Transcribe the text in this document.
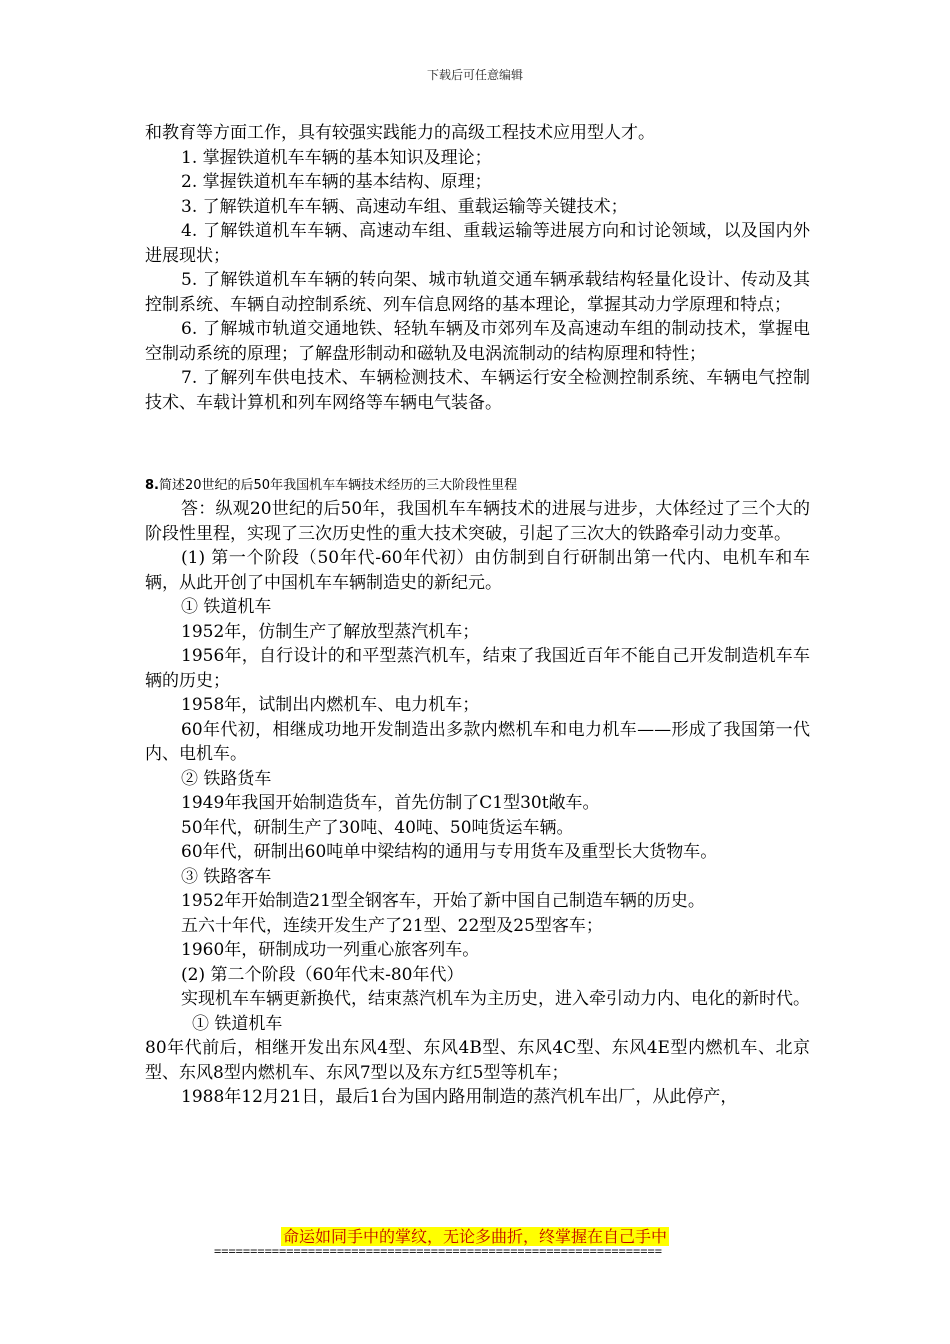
下载后可任意编辑

和教育等方面工作，具有较强实践能力的高级工程技术应用型人才。

1. 掌握铁道机车车辆的基本知识及理论；

2. 掌握铁道机车车辆的基本结构、原理；

3. 了解铁道机车车辆、高速动车组、重载运输等关键技术；

4. 了解铁道机车车辆、高速动车组、重载运输等进展方向和讨论领域，以及国内外进展现状；

5. 了解铁道机车车辆的转向架、城市轨道交通车辆承载结构轻量化设计、传动及其控制系统、车辆自动控制系统、列车信息网络的基本理论，掌握其动力学原理和特点；

6. 了解城市轨道交通地铁、轻轨车辆及市郊列车及高速动车组的制动技术，掌握电空制动系统的原理；了解盘形制动和磁轨及电涡流制动的结构原理和特性；

7. 了解列车供电技术、车辆检测技术、车辆运行安全检测控制系统、车辆电气控制技术、车载计算机和列车网络等车辆电气装备。

8.简述20世纪的后50年我国机车车辆技术经历的三大阶段性里程

答：纵观20世纪的后50年，我国机车车辆技术的进展与进步，大体经过了三个大的阶段性里程，实现了三次历史性的重大技术突破，引起了三次大的铁路牵引动力变革。

(1) 第一个阶段（50年代-60年代初）由仿制到自行研制出第一代内、电机车和车辆，从此开创了中国机车车辆制造史的新纪元。

① 铁道机车

1952年，仿制生产了解放型蒸汽机车；

1956年，自行设计的和平型蒸汽机车，结束了我国近百年不能自己开发制造机车车辆的历史；

1958年，试制出内燃机车、电力机车；

60年代初，相继成功地开发制造出多款内燃机车和电力机车——形成了我国第一代内、电机车。

② 铁路货车

1949年我国开始制造货车，首先仿制了C1型30t敞车。

50年代，研制生产了30吨、40吨、50吨货运车辆。

60年代，研制出60吨单中梁结构的通用与专用货车及重型长大货物车。

③ 铁路客车

1952年开始制造21型全钢客车，开始了新中国自己制造车辆的历史。

五六十年代，连续开发生产了21型、22型及25型客车；

1960年，研制成功一列重心旅客列车。

(2) 第二个阶段（60年代末-80年代）

实现机车车辆更新换代，结束蒸汽机车为主历史，进入牵引动力内、电化的新时代。

① 铁道机车

80年代前后，相继开发出东风4型、东风4B型、东风4C型、东风4E型内燃机车、北京型、东风8型内燃机车、东风7型以及东方红5型等机车；

1988年12月21日，最后1台为国内路用制造的蒸汽机车出厂，从此停产，

命运如同手中的掌纹，无论多曲折，终掌握在自己手中
==============================================================
